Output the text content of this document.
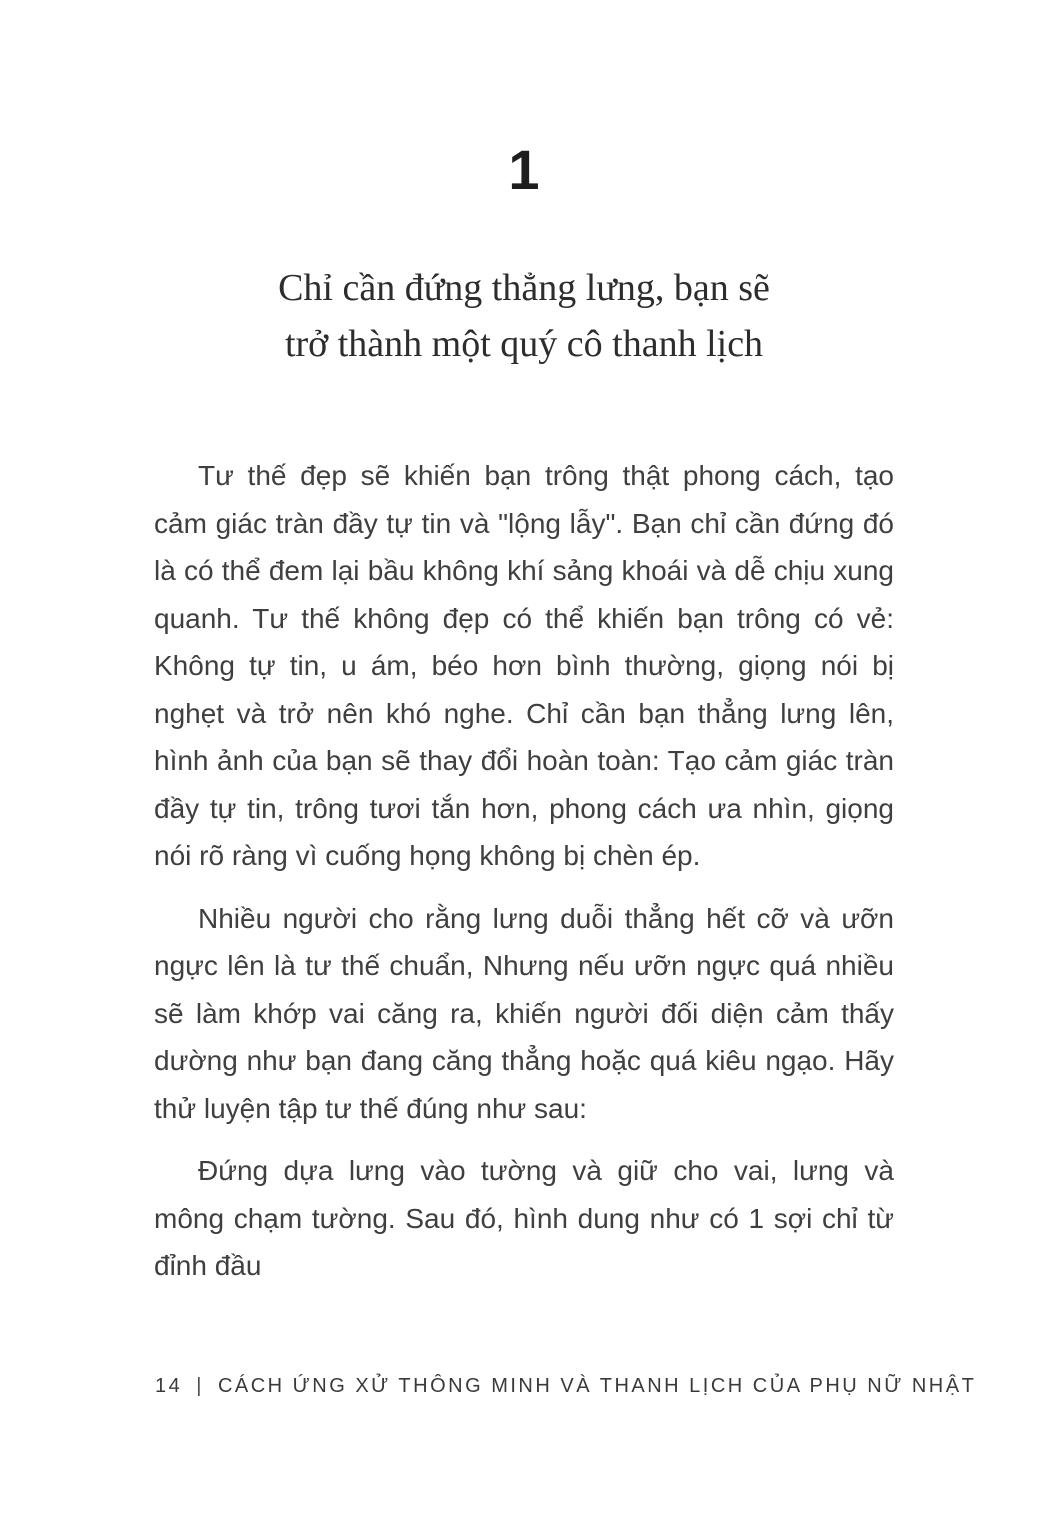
1
Chỉ cần đứng thẳng lưng, bạn sẽ
trở thành một quý cô thanh lịch

Tư thế đẹp sẽ khiến bạn trông thật phong cách, tạo cảm giác tràn đầy tự tin và "lộng lẫy". Bạn chỉ cần đứng đó là có thể đem lại bầu không khí sảng khoái và dễ chịu xung quanh. Tư thế không đẹp có thể khiến bạn trông có vẻ: Không tự tin, u ám, béo hơn bình thường, giọng nói bị nghẹt và trở nên khó nghe. Chỉ cần bạn thẳng lưng lên, hình ảnh của bạn sẽ thay đổi hoàn toàn: Tạo cảm giác tràn đầy tự tin, trông tươi tắn hơn, phong cách ưa nhìn, giọng nói rõ ràng vì cuống họng không bị chèn ép.

Nhiều người cho rằng lưng duỗi thẳng hết cỡ và ưỡn ngực lên là tư thế chuẩn, Nhưng nếu ưỡn ngực quá nhiều sẽ làm khớp vai căng ra, khiến người đối diện cảm thấy dường như bạn đang căng thẳng hoặc quá kiêu ngạo. Hãy thử luyện tập tư thế đúng như sau:

Đứng dựa lưng vào tường và giữ cho vai, lưng và mông chạm tường. Sau đó, hình dung như có 1 sợi chỉ từ đỉnh đầu

14 | CÁCH ỨNG XỬ THÔNG MINH VÀ THANH LỊCH CỦA PHỤ NỮ NHẬT
